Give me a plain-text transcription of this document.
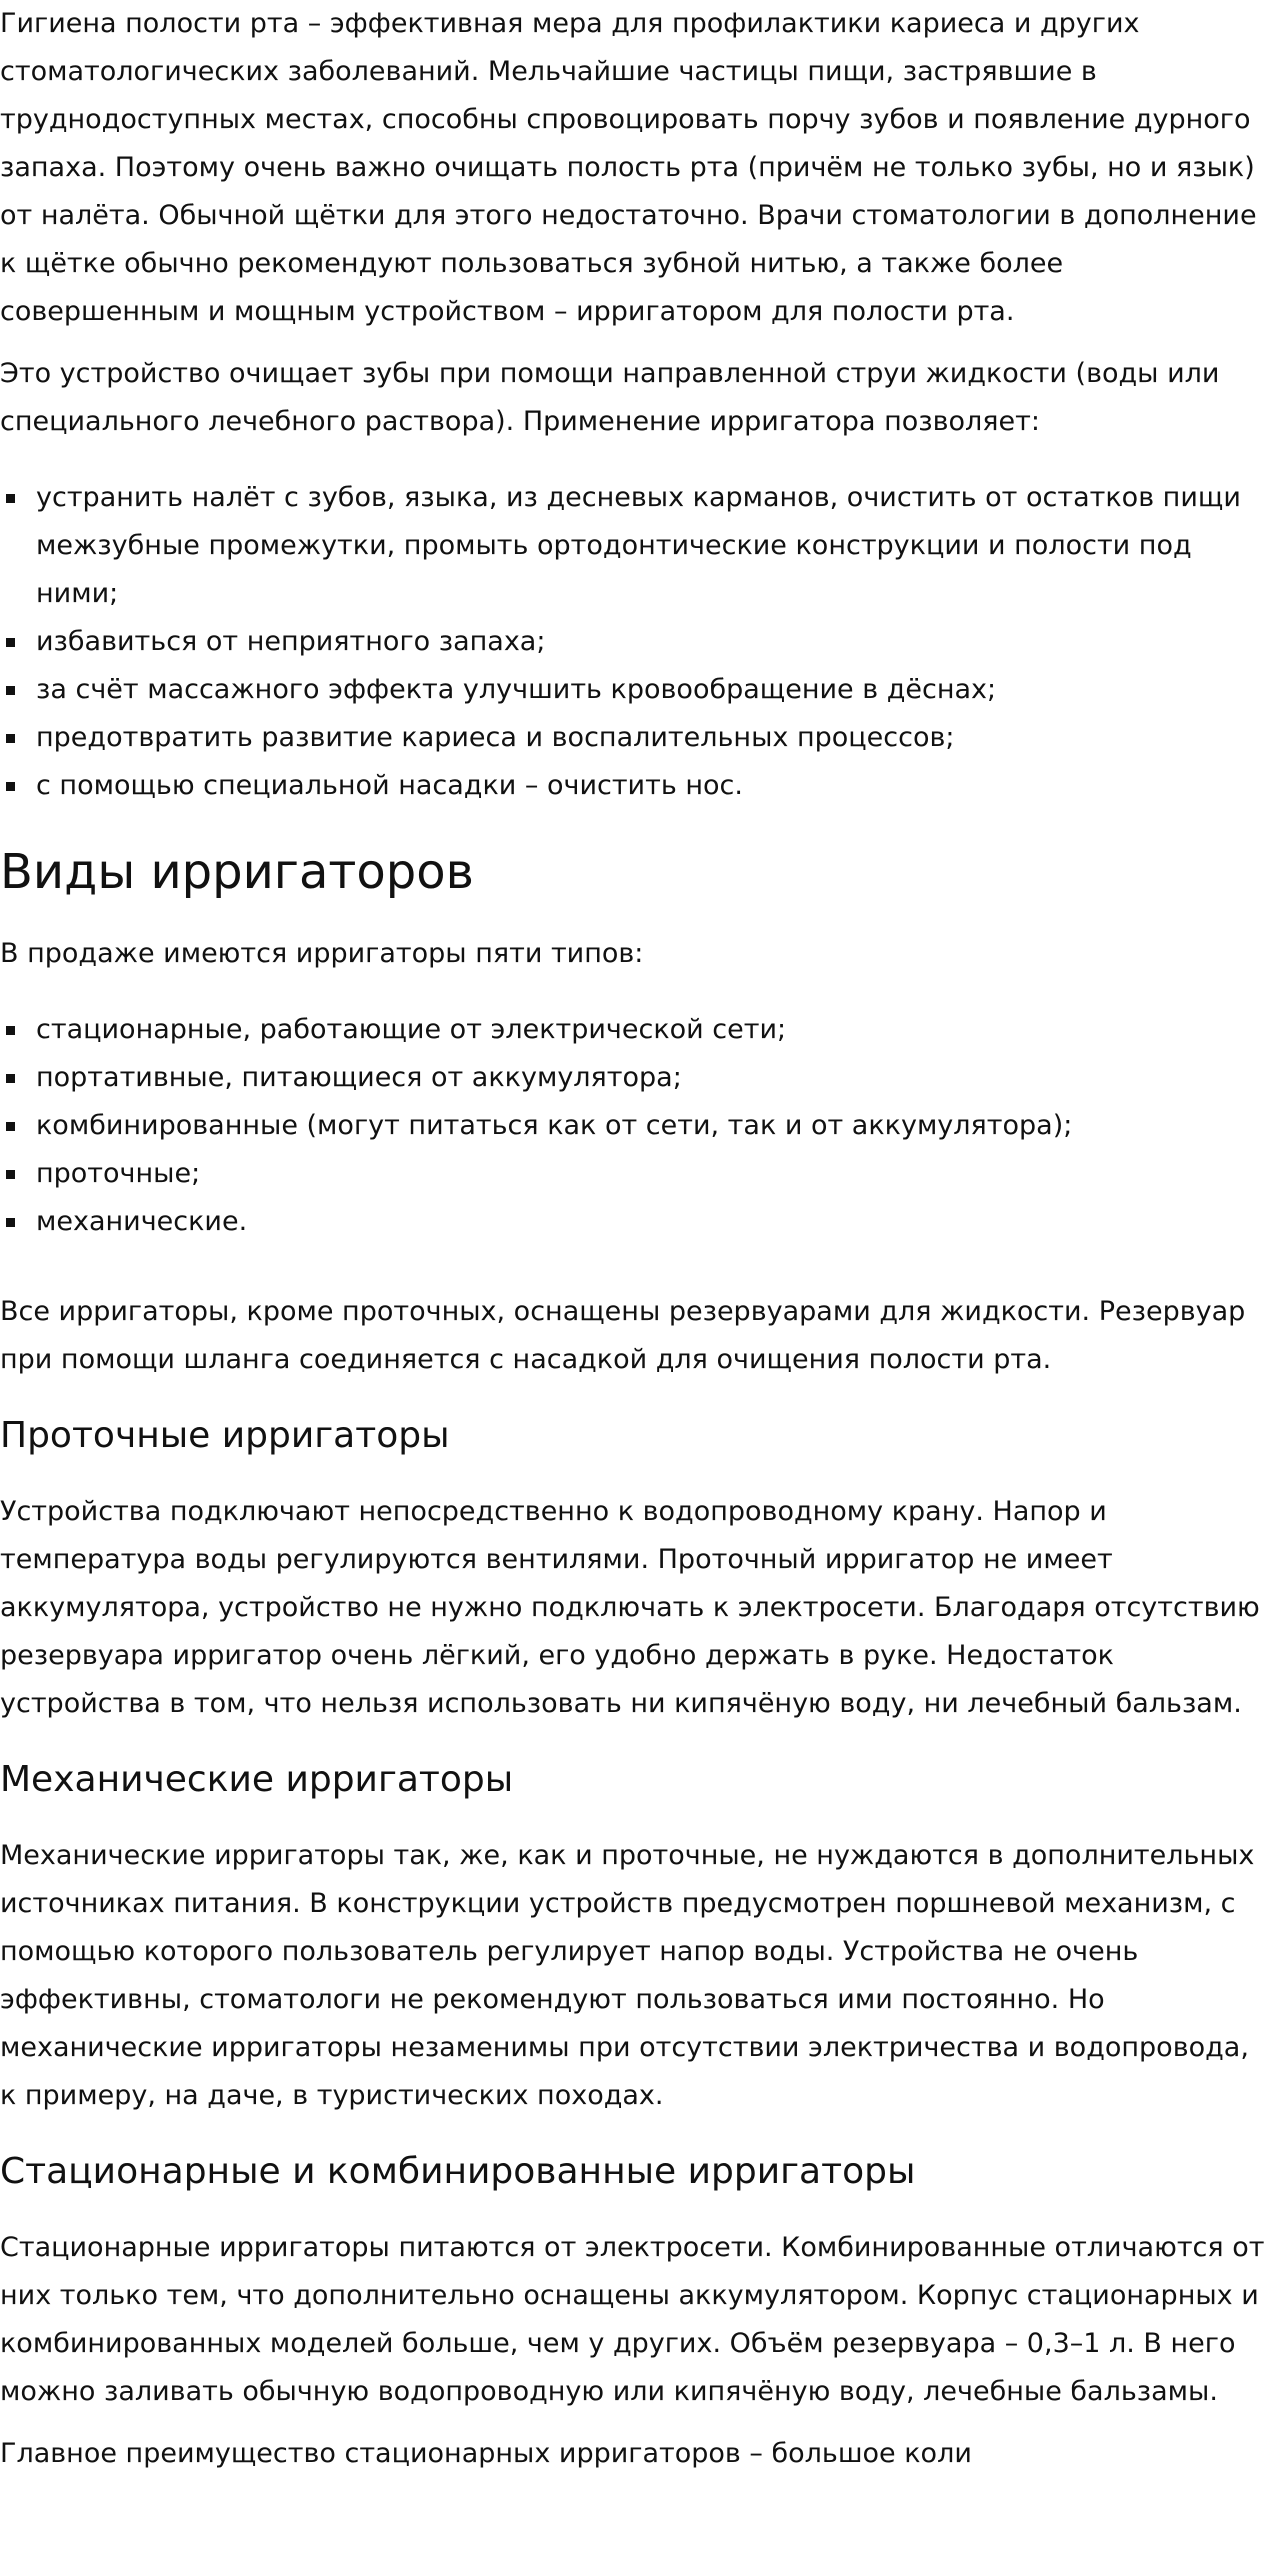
Гигиена полости рта – эффективная мера для профилактики кариеса и других стоматологических заболеваний. Мельчайшие частицы пищи, застрявшие в труднодоступных местах, способны спровоцировать порчу зубов и появление дурного запаха. Поэтому очень важно очищать полость рта (причём не только зубы, но и язык) от налёта. Обычной щётки для этого недостаточно. Врачи стоматологии в дополнение к щётке обычно рекомендуют пользоваться зубной нитью, а также более совершенным и мощным устройством – ирригатором для полости рта.

Это устройство очищает зубы при помощи направленной струи жидкости (воды или специального лечебного раствора). Применение ирригатора позволяет:

устранить налёт с зубов, языка, из десневых карманов, очистить от остатков пищи межзубные промежутки, промыть ортодонтические конструкции и полости под ними;
избавиться от неприятного запаха;
за счёт массажного эффекта улучшить кровообращение в дёснах;
предотвратить развитие кариеса и воспалительных процессов;
с помощью специальной насадки – очистить нос.
Виды ирригаторов

В продаже имеются ирригаторы пяти типов:

стационарные, работающие от электрической сети;
портативные, питающиеся от аккумулятора;
комбинированные (могут питаться как от сети, так и от аккумулятора);
проточные;
механические.

Все ирригаторы, кроме проточных, оснащены резервуарами для жидкости. Резервуар при помощи шланга соединяется с насадкой для очищения полости рта.

Проточные ирригаторы

Устройства подключают непосредственно к водопроводному крану. Напор и температура воды регулируются вентилями. Проточный ирригатор не имеет аккумулятора, устройство не нужно подключать к электросети. Благодаря отсутствию резервуара ирригатор очень лёгкий, его удобно держать в руке. Недостаток устройства в том, что нельзя использовать ни кипячёную воду, ни лечебный бальзам.

Механические ирригаторы

Механические ирригаторы так, же, как и проточные, не нуждаются в дополнительных источниках питания. В конструкции устройств предусмотрен поршневой механизм, с помощью которого пользователь регулирует напор воды. Устройства не очень эффективны, стоматологи не рекомендуют пользоваться ими постоянно. Но механические ирригаторы незаменимы при отсутствии электричества и водопровода, к примеру, на даче, в туристических походах.

Стационарные и комбинированные ирригаторы

Стационарные ирригаторы питаются от электросети. Комбинированные отличаются от них только тем, что дополнительно оснащены аккумулятором. Корпус стационарных и комбинированных моделей больше, чем у других. Объём резервуара – 0,3–1 л. В него можно заливать обычную водопроводную или кипячёную воду, лечебные бальзамы.

Главное преимущество стационарных ирригаторов – большое коли
